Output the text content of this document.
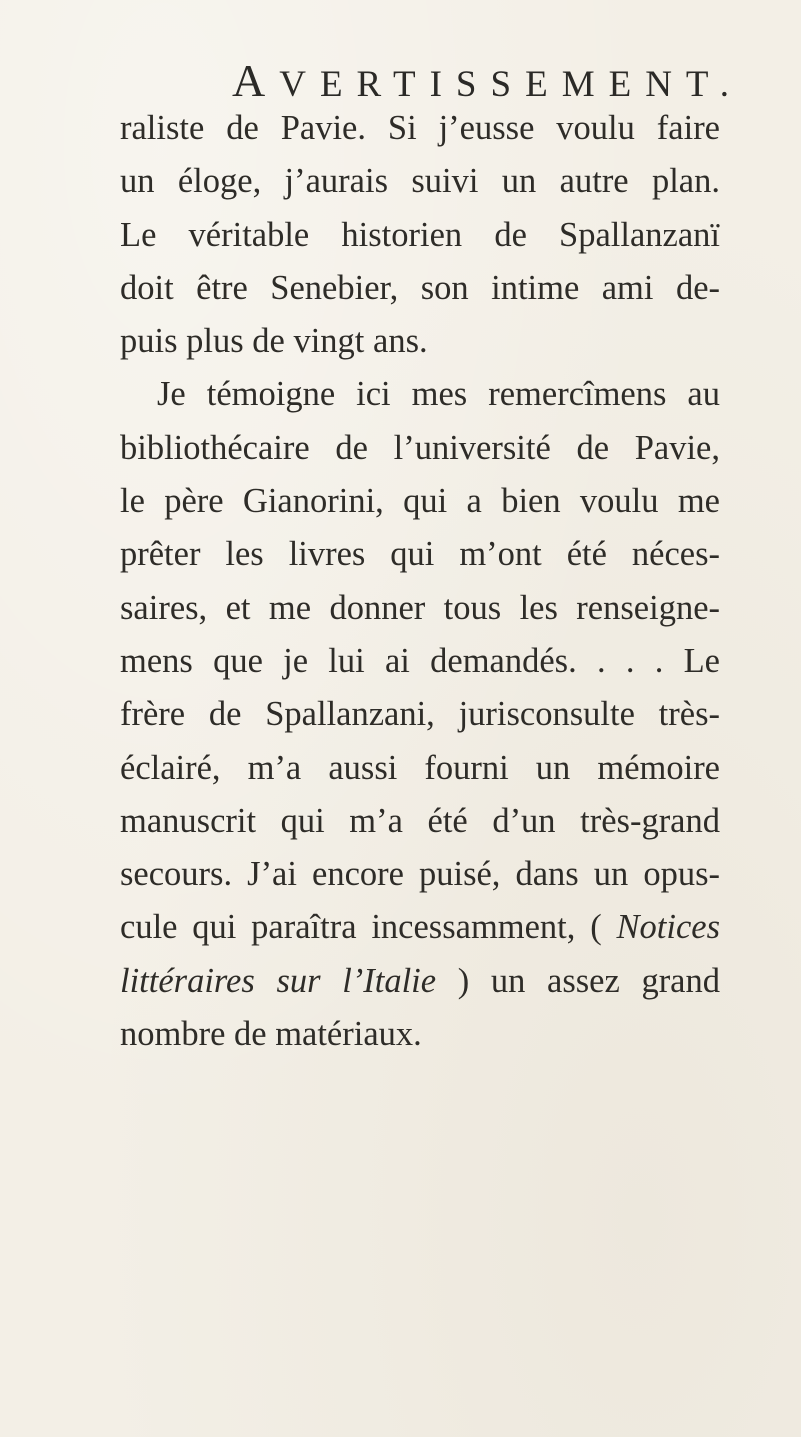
AVERTISSEMENT.
raliste de Pavie. Si j’eusse voulu faire
un éloge, j’aurais suivi un autre plan.
Le véritable historien de Spallanzanï
doit être Senebier, son intime ami de-
puis plus de vingt ans.
Je témoigne ici mes remercîmens au
bibliothécaire de l’université de Pavie,
le père Gianorini, qui a bien voulu me
prêter les livres qui m’ont été néces-
saires, et me donner tous les renseigne-
mens que je lui ai demandés. . . . Le
frère de Spallanzani, jurisconsulte très-
éclairé, m’a aussi fourni un mémoire
manuscrit qui m’a été d’un très-grand
secours. J’ai encore puisé, dans un opus-
cule qui paraîtra incessamment, ( Notices
littéraires sur l’Italie ) un assez grand
nombre de matériaux.
